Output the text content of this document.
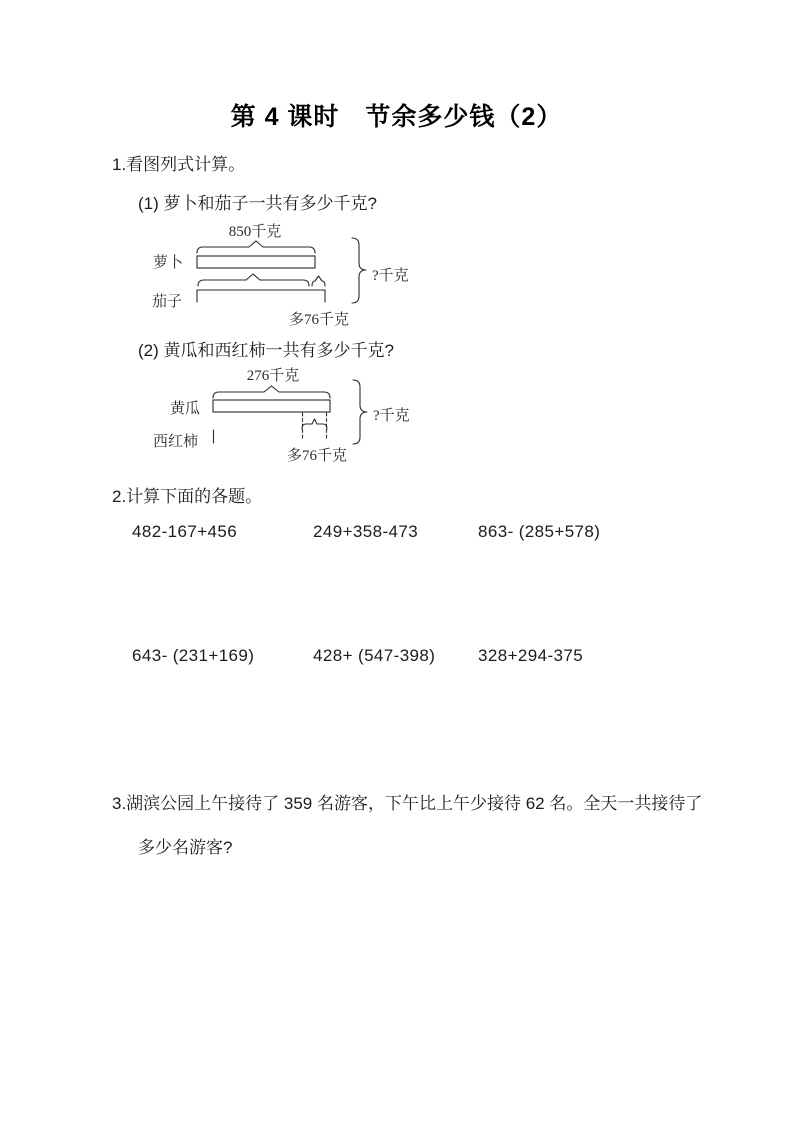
第 4 课时　节余多少钱（2）
1.看图列式计算。
(1) 萝卜和茄子一共有多少千克?
850千克
萝卜
茄子
多76千克
?千克
(2) 黄瓜和西红柿一共有多少千克?
276千克
黄瓜
西红柿
多76千克
?千克
2.计算下面的各题。
482-167+456	249+358-473	863- (285+578)
643- (231+169)	428+ (547-398)	328+294-375
3.湖滨公园上午接待了 359 名游客，下午比上午少接待 62 名。全天一共接待了
多少名游客?
